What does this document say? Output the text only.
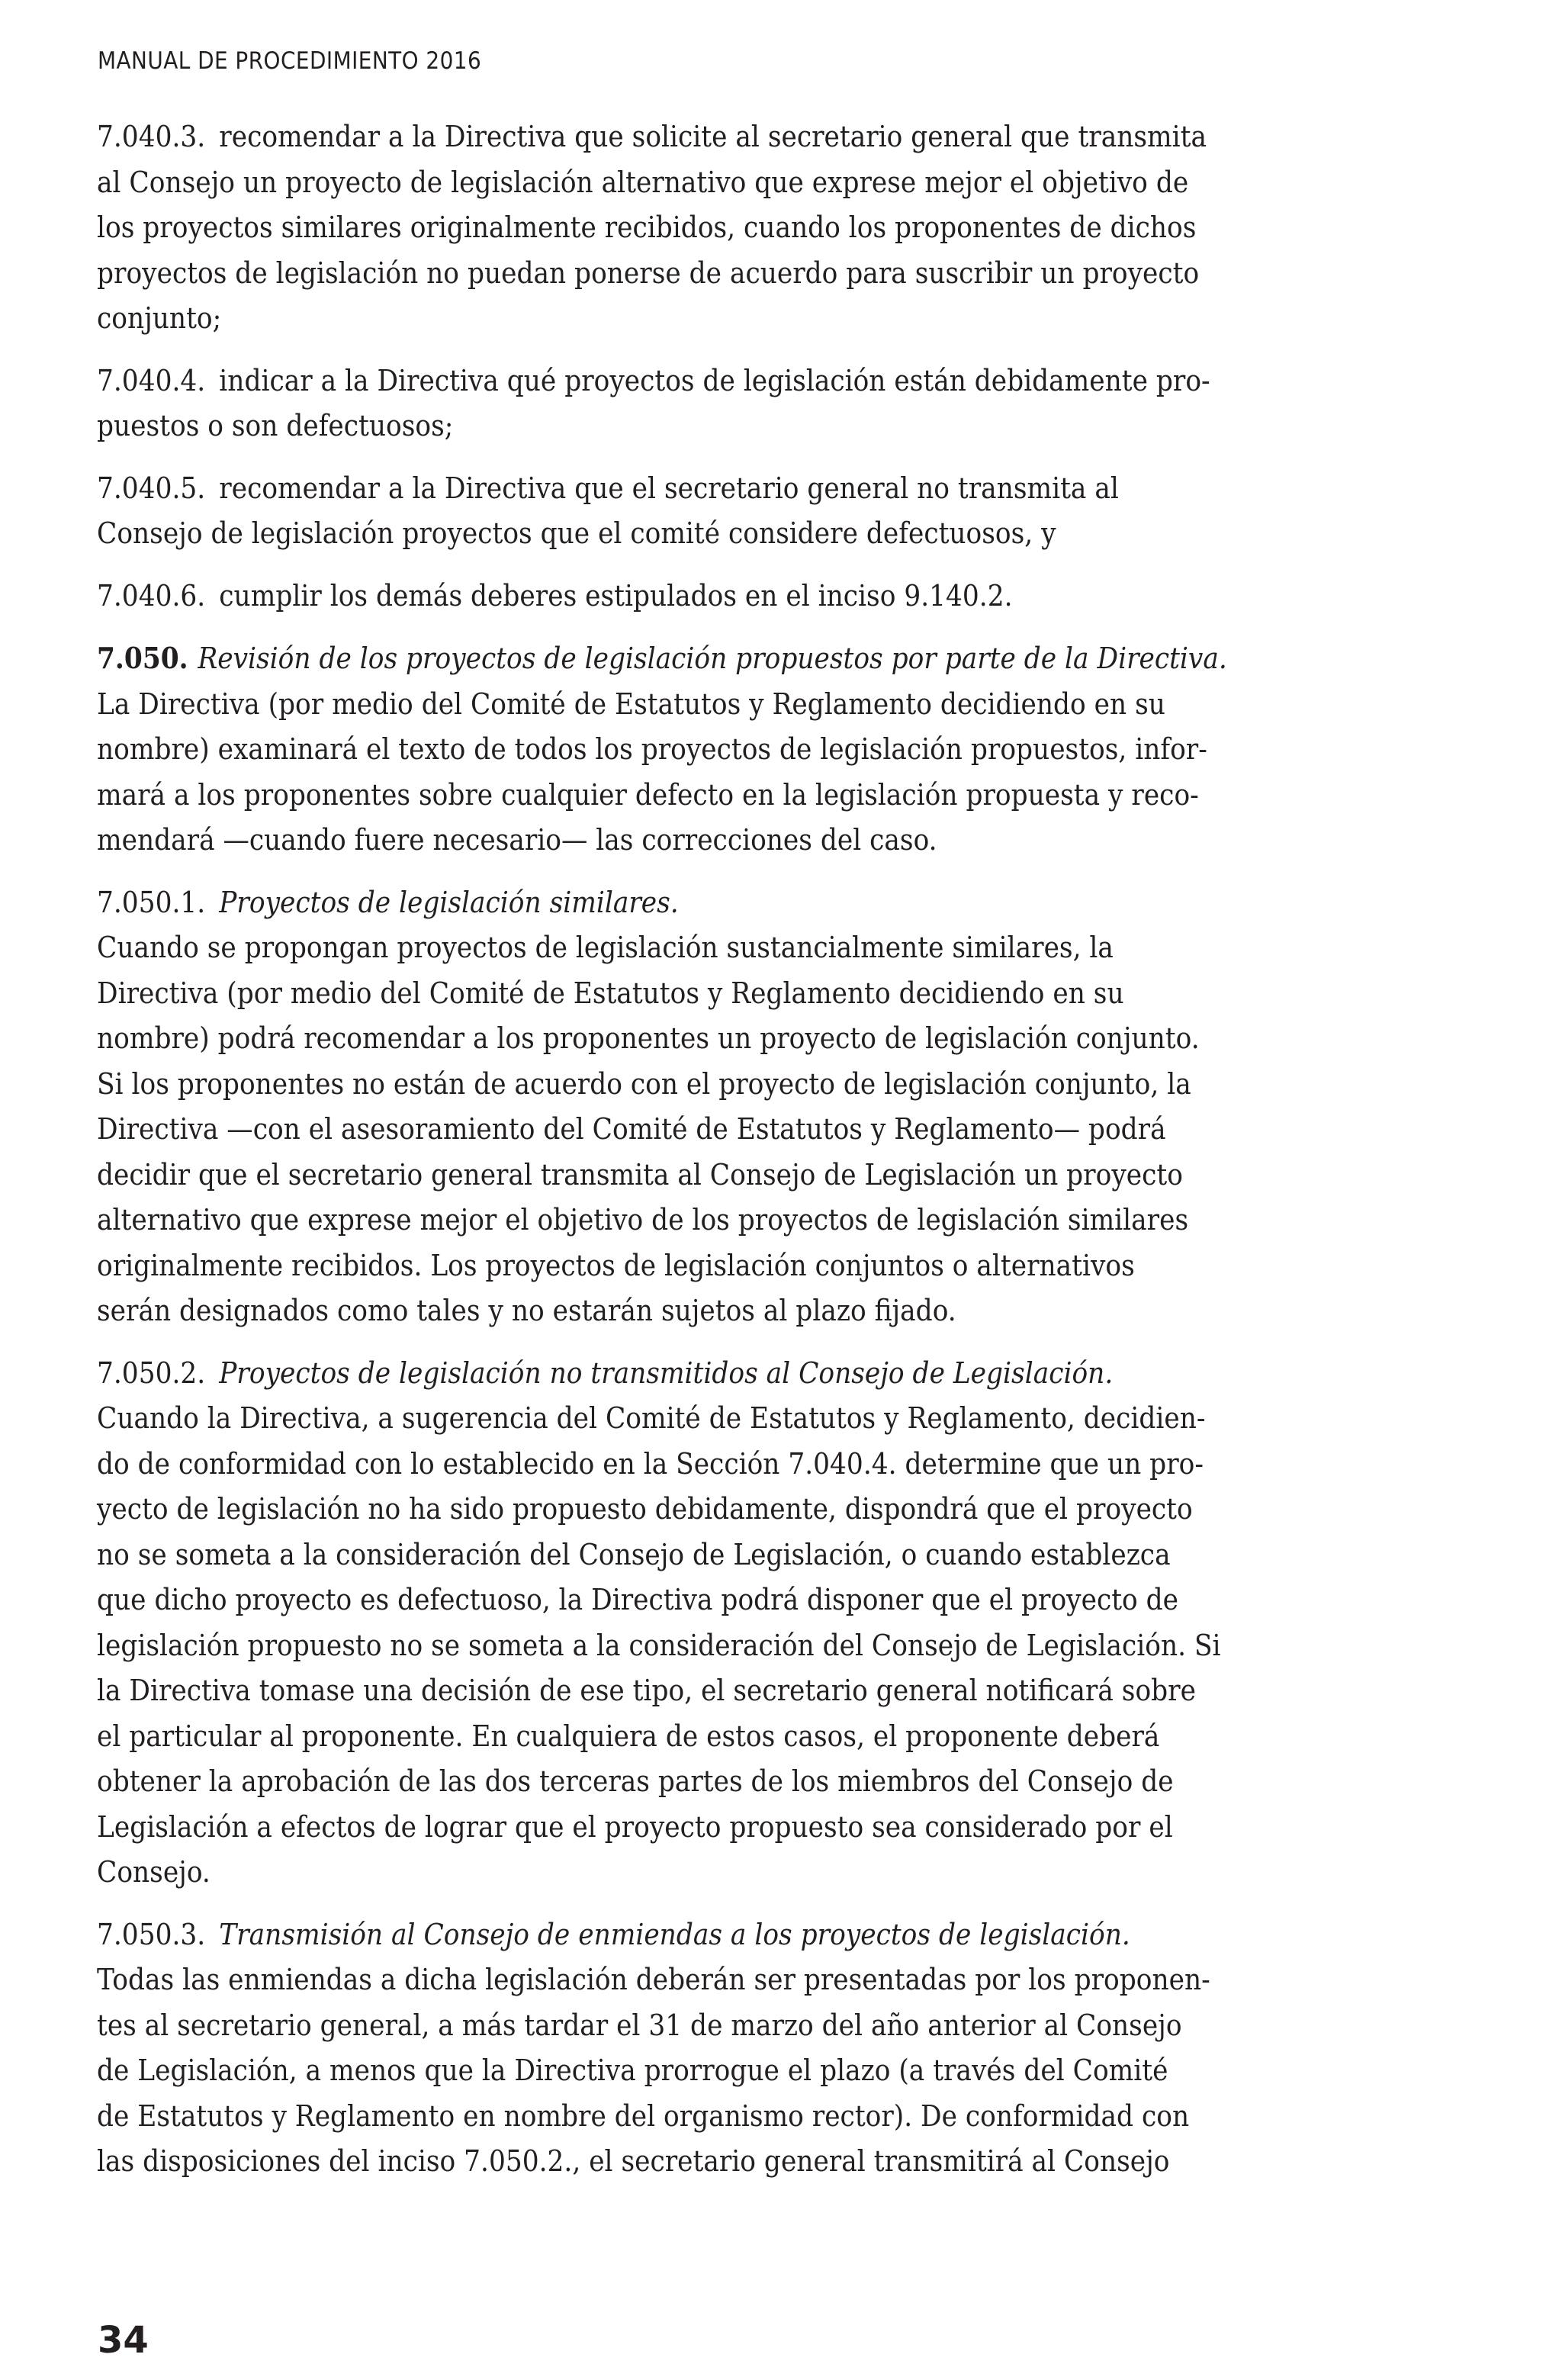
MANUAL DE PROCEDIMIENTO 2016
7.040.3. recomendar a la Directiva que solicite al secretario general que transmita
al Consejo un proyecto de legislación alternativo que exprese mejor el objetivo de
los proyectos similares originalmente recibidos, cuando los proponentes de dichos
proyectos de legislación no puedan ponerse de acuerdo para suscribir un proyecto
conjunto;
7.040.4. indicar a la Directiva qué proyectos de legislación están debidamente pro-
puestos o son defectuosos;
7.040.5. recomendar a la Directiva que el secretario general no transmita al
Consejo de legislación proyectos que el comité considere defectuosos, y
7.040.6. cumplir los demás deberes estipulados en el inciso 9.140.2.
7.050. Revisión de los proyectos de legislación propuestos por parte de la Directiva.
La Directiva (por medio del Comité de Estatutos y Reglamento decidiendo en su
nombre) examinará el texto de todos los proyectos de legislación propuestos, infor-
mará a los proponentes sobre cualquier defecto en la legislación propuesta y reco-
mendará —cuando fuere necesario— las correcciones del caso.
7.050.1. Proyectos de legislación similares.
Cuando se propongan proyectos de legislación sustancialmente similares, la
Directiva (por medio del Comité de Estatutos y Reglamento decidiendo en su
nombre) podrá recomendar a los proponentes un proyecto de legislación conjunto.
Si los proponentes no están de acuerdo con el proyecto de legislación conjunto, la
Directiva —con el asesoramiento del Comité de Estatutos y Reglamento— podrá
decidir que el secretario general transmita al Consejo de Legislación un proyecto
alternativo que exprese mejor el objetivo de los proyectos de legislación similares
originalmente recibidos. Los proyectos de legislación conjuntos o alternativos
serán designados como tales y no estarán sujetos al plazo fijado.
7.050.2. Proyectos de legislación no transmitidos al Consejo de Legislación.
Cuando la Directiva, a sugerencia del Comité de Estatutos y Reglamento, decidien-
do de conformidad con lo establecido en la Sección 7.040.4. determine que un pro-
yecto de legislación no ha sido propuesto debidamente, dispondrá que el proyecto
no se someta a la consideración del Consejo de Legislación, o cuando establezca
que dicho proyecto es defectuoso, la Directiva podrá disponer que el proyecto de
legislación propuesto no se someta a la consideración del Consejo de Legislación. Si
la Directiva tomase una decisión de ese tipo, el secretario general notificará sobre
el particular al proponente. En cualquiera de estos casos, el proponente deberá
obtener la aprobación de las dos terceras partes de los miembros del Consejo de
Legislación a efectos de lograr que el proyecto propuesto sea considerado por el
Consejo.
7.050.3. Transmisión al Consejo de enmiendas a los proyectos de legislación.
Todas las enmiendas a dicha legislación deberán ser presentadas por los proponen-
tes al secretario general, a más tardar el 31 de marzo del año anterior al Consejo
de Legislación, a menos que la Directiva prorrogue el plazo (a través del Comité
de Estatutos y Reglamento en nombre del organismo rector). De conformidad con
las disposiciones del inciso 7.050.2., el secretario general transmitirá al Consejo
34
